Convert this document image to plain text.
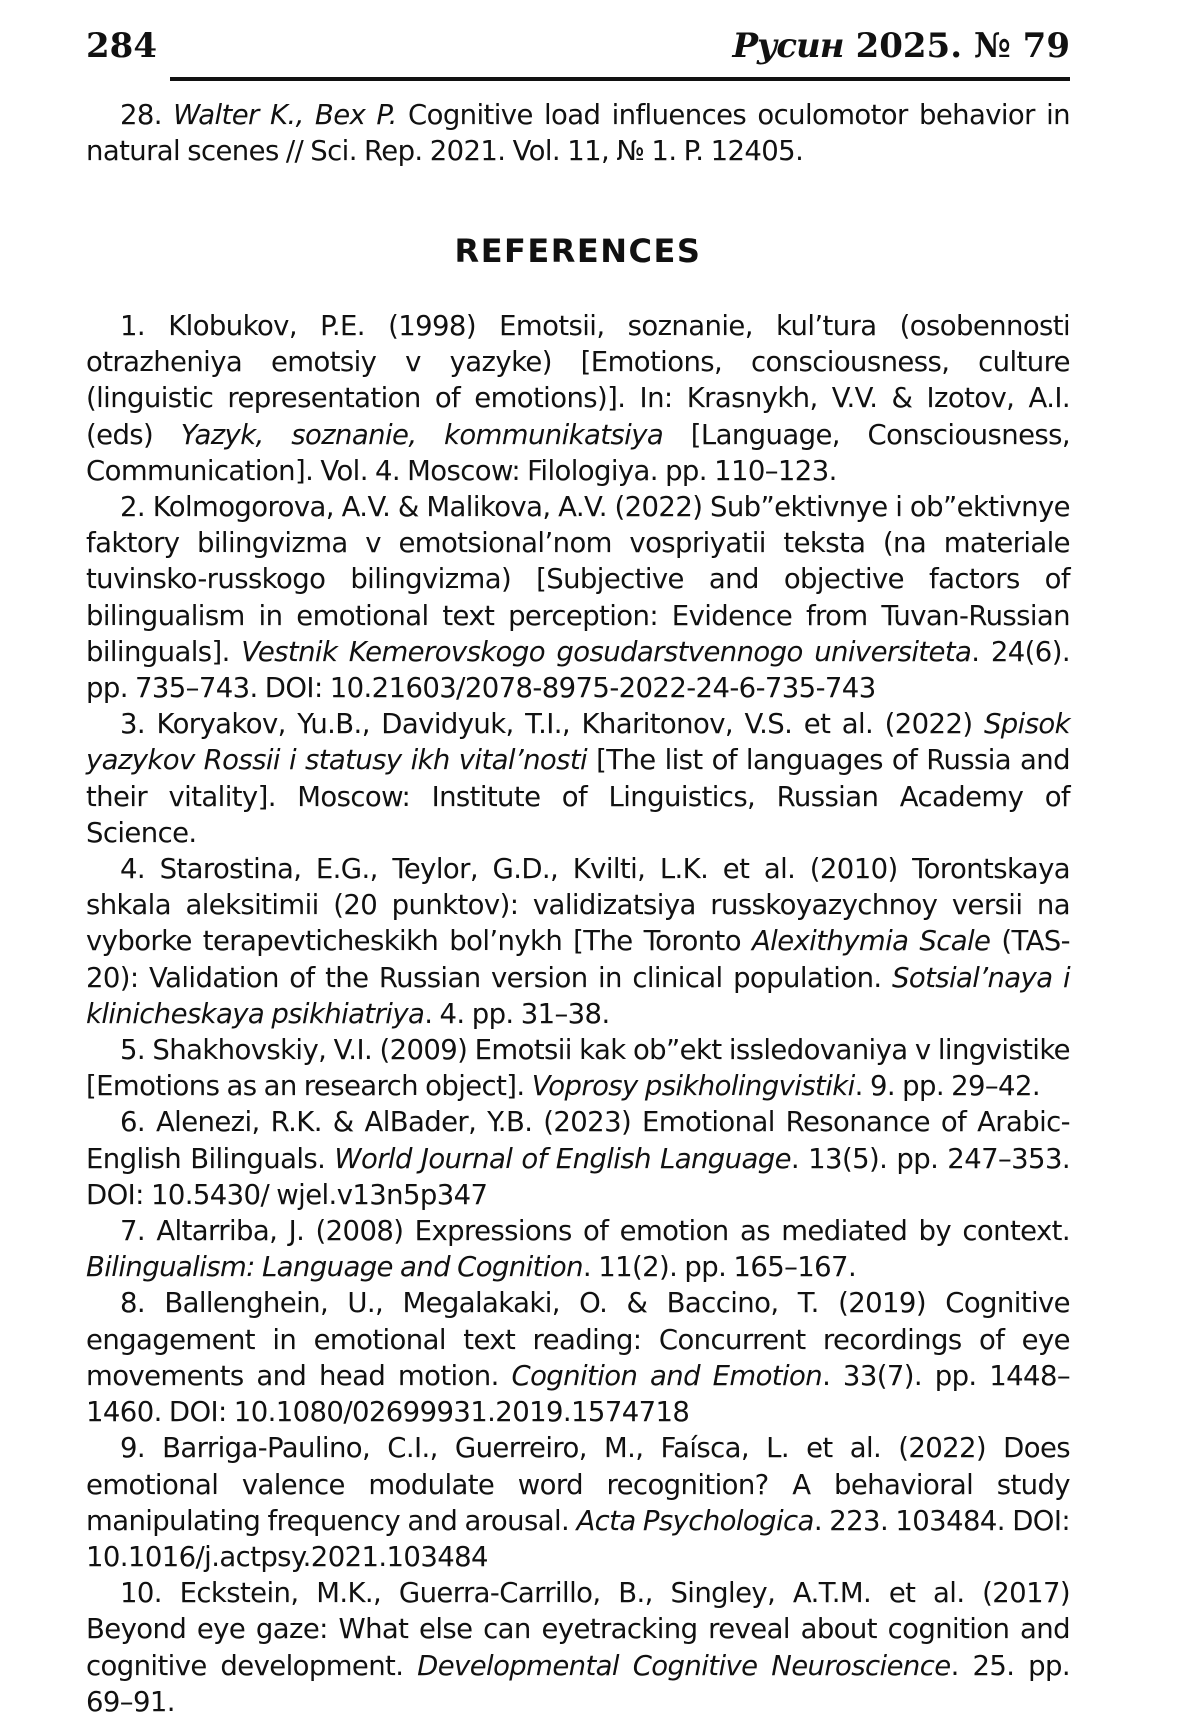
284	Русин 2025. № 79

28. Walter K., Bex P. Cognitive load influences oculomotor behavior in natural scenes // Sci. Rep. 2021. Vol. 11, № 1. P. 12405.

REFERENCES

1. Klobukov, P.E. (1998) Emotsii, soznanie, kul’tura (osobennosti otrazheniya emotsiy v yazyke) [Emotions, consciousness, culture (linguistic representation of emotions)]. In: Krasnykh, V.V. & Izotov, A.I. (eds) Yazyk, soznanie, kommunikatsiya [Language, Consciousness, Communication]. Vol. 4. Moscow: Filologiya. pp. 110–123.

2. Kolmogorova, A.V. & Malikova, A.V. (2022) Sub”ektivnye i ob”ektivnye faktory bilingvizma v emotsional’nom vospriyatii teksta (na materiale tuvinsko-russkogo bilingvizma) [Subjective and objective factors of bilingualism in emotional text perception: Evidence from Tuvan-Russian bilinguals]. Vestnik Kemerovskogo gosudarstvennogo universiteta. 24(6). pp. 735–743. DOI: 10.21603/2078-8975-2022-24-6-735-743

3. Koryakov, Yu.B., Davidyuk, T.I., Kharitonov, V.S. et al. (2022) Spisok yazykov Rossii i statusy ikh vital’nosti [The list of languages of Russia and their vitality]. Moscow: Institute of Linguistics, Russian Academy of Science.

4. Starostina, E.G., Teylor, G.D., Kvilti, L.K. et al. (2010) Torontskaya shkala aleksitimii (20 punktov): validizatsiya russkoyazychnoy versii na vyborke terapevticheskikh bol’nykh [The Toronto Alexithymia Scale (TAS-20): Validation of the Russian version in clinical population. Sotsial’naya i klinicheskaya psikhiatriya. 4. pp. 31–38.

5. Shakhovskiy, V.I. (2009) Emotsii kak ob”ekt issledovaniya v lingvistike [Emotions as an research object]. Voprosy psikholingvistiki. 9. pp. 29–42.

6. Alenezi, R.K. & AlBader, Y.B. (2023) Emotional Resonance of Arabic-English Bilinguals. World Journal of English Language. 13(5). pp. 247–353. DOI: 10.5430/ wjel.v13n5p347

7. Altarriba, J. (2008) Expressions of emotion as mediated by context. Bilingualism: Language and Cognition. 11(2). pp. 165–167.

8. Ballenghein, U., Megalakaki, O. & Baccino, T. (2019) Cognitive engagement in emotional text reading: Concurrent recordings of eye movements and head motion. Cognition and Emotion. 33(7). pp. 1448–1460. DOI: 10.1080/02699931.2019.1574718

9. Barriga-Paulino, C.I., Guerreiro, M., Faísca, L. et al. (2022) Does emotional valence modulate word recognition? A behavioral study manipulating frequency and arousal. Acta Psychologica. 223. 103484. DOI: 10.1016/j.actpsy.2021.103484

10. Eckstein, M.K., Guerra-Carrillo, B., Singley, A.T.M. et al. (2017) Beyond eye gaze: What else can eyetracking reveal about cognition and cognitive development. Developmental Cognitive Neuroscience. 25. pp. 69–91.
